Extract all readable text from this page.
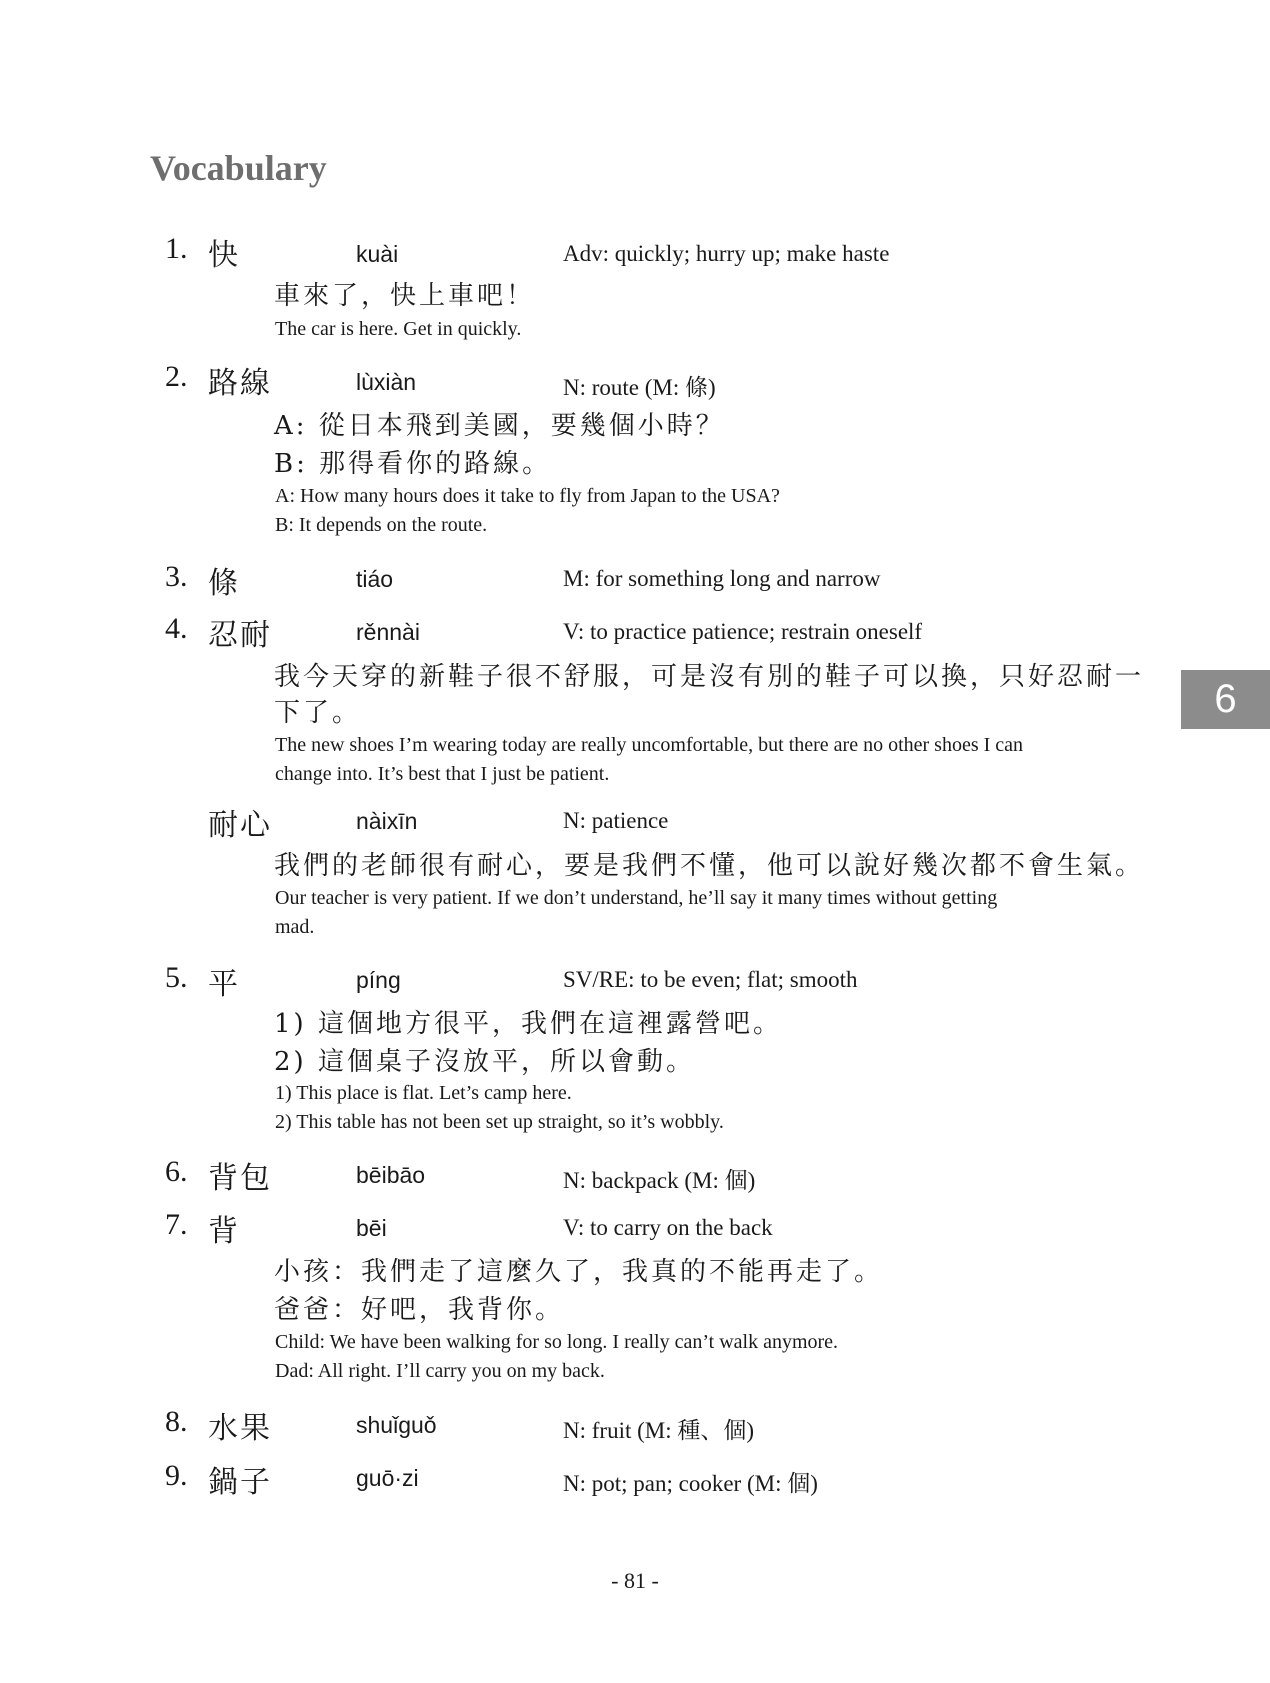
Vocabulary
1. 快	kuài	Adv: quickly; hurry up; make haste
車來了，快上車吧！
The car is here. Get in quickly.
2. 路線	lùxiàn	N: route (M: 條)
A: 從日本飛到美國，要幾個小時？
B: 那得看你的路線。
A: How many hours does it take to fly from Japan to the USA?
B: It depends on the route.
3. 條	tiáo	M: for something long and narrow
4. 忍耐	rěnnài	V: to practice patience; restrain oneself
我今天穿的新鞋子很不舒服，可是沒有別的鞋子可以換，只好忍耐一
下了。
The new shoes I’m wearing today are really uncomfortable, but there are no other shoes I can
change into. It’s best that I just be patient.
耐心	nàixīn	N: patience
我們的老師很有耐心，要是我們不懂，他可以說好幾次都不會生氣。
Our teacher is very patient. If we don’t understand, he’ll say it many times without getting
mad.
5. 平	píng	SV/RE: to be even; flat; smooth
1) 這個地方很平，我們在這裡露營吧。
2) 這個桌子沒放平，所以會動。
1) This place is flat. Let’s camp here.
2) This table has not been set up straight, so it’s wobbly.
6. 背包	bēibāo	N: backpack (M: 個)
7. 背	bēi	V: to carry on the back
小孩：我們走了這麼久了，我真的不能再走了。
爸爸：好吧，我背你。
Child: We have been walking for so long. I really can’t walk anymore.
Dad: All right. I’ll carry you on my back.
8. 水果	shuǐguǒ	N: fruit (M: 種、個)
9. 鍋子	guō·zi	N: pot; pan; cooker (M: 個)
6
- 81 -
